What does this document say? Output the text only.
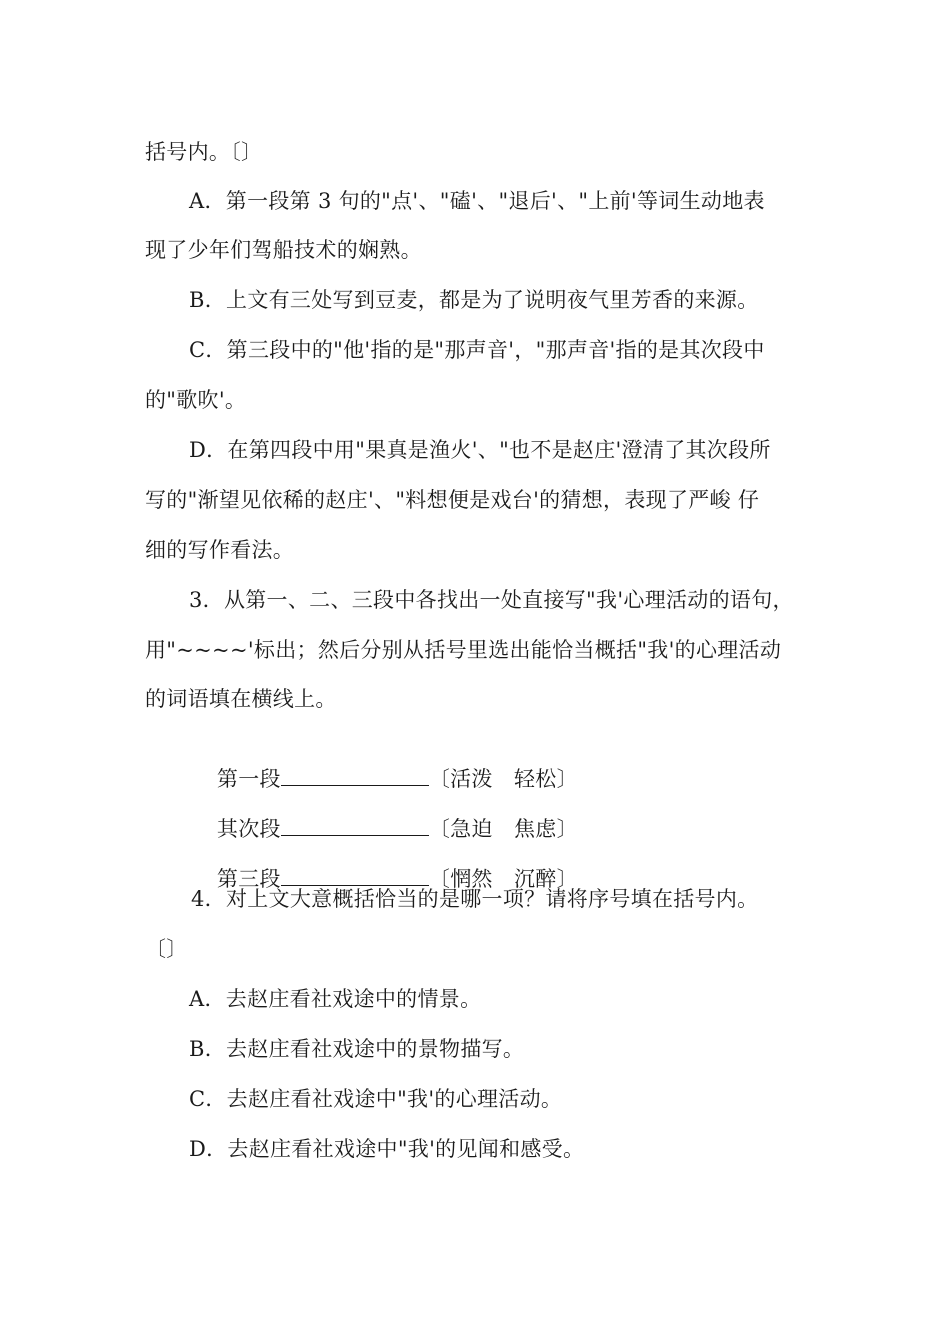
括号内。〔〕
A．第一段第 3 句的"点'、"磕'、"退后'、"上前'等词生动地表
现了少年们驾船技术的娴熟。
B．上文有三处写到豆麦，都是为了说明夜气里芳香的来源。
C．第三段中的"他'指的是"那声音'，"那声音'指的是其次段中
的"歌吹'。
D．在第四段中用"果真是渔火'、"也不是赵庄'澄清了其次段所
写的"渐望见依稀的赵庄'、"料想便是戏台'的猜想，表现了严峻 仔
细的写作看法。
3．从第一、二、三段中各找出一处直接写"我'心理活动的语句，
用"~~~~'标出；然后分别从括号里选出能恰当概括"我'的心理活动
的词语填在横线上。

第一段	〔活泼　轻松〕

其次段	〔急迫　焦虑〕

第三段	〔惘然　沉醉〕

4．对上文大意概括恰当的是哪一项？请将序号填在括号内。
〔〕
A．去赵庄看社戏途中的情景。
B．去赵庄看社戏途中的景物描写。
C．去赵庄看社戏途中"我'的心理活动。
D．去赵庄看社戏途中"我'的见闻和感受。
